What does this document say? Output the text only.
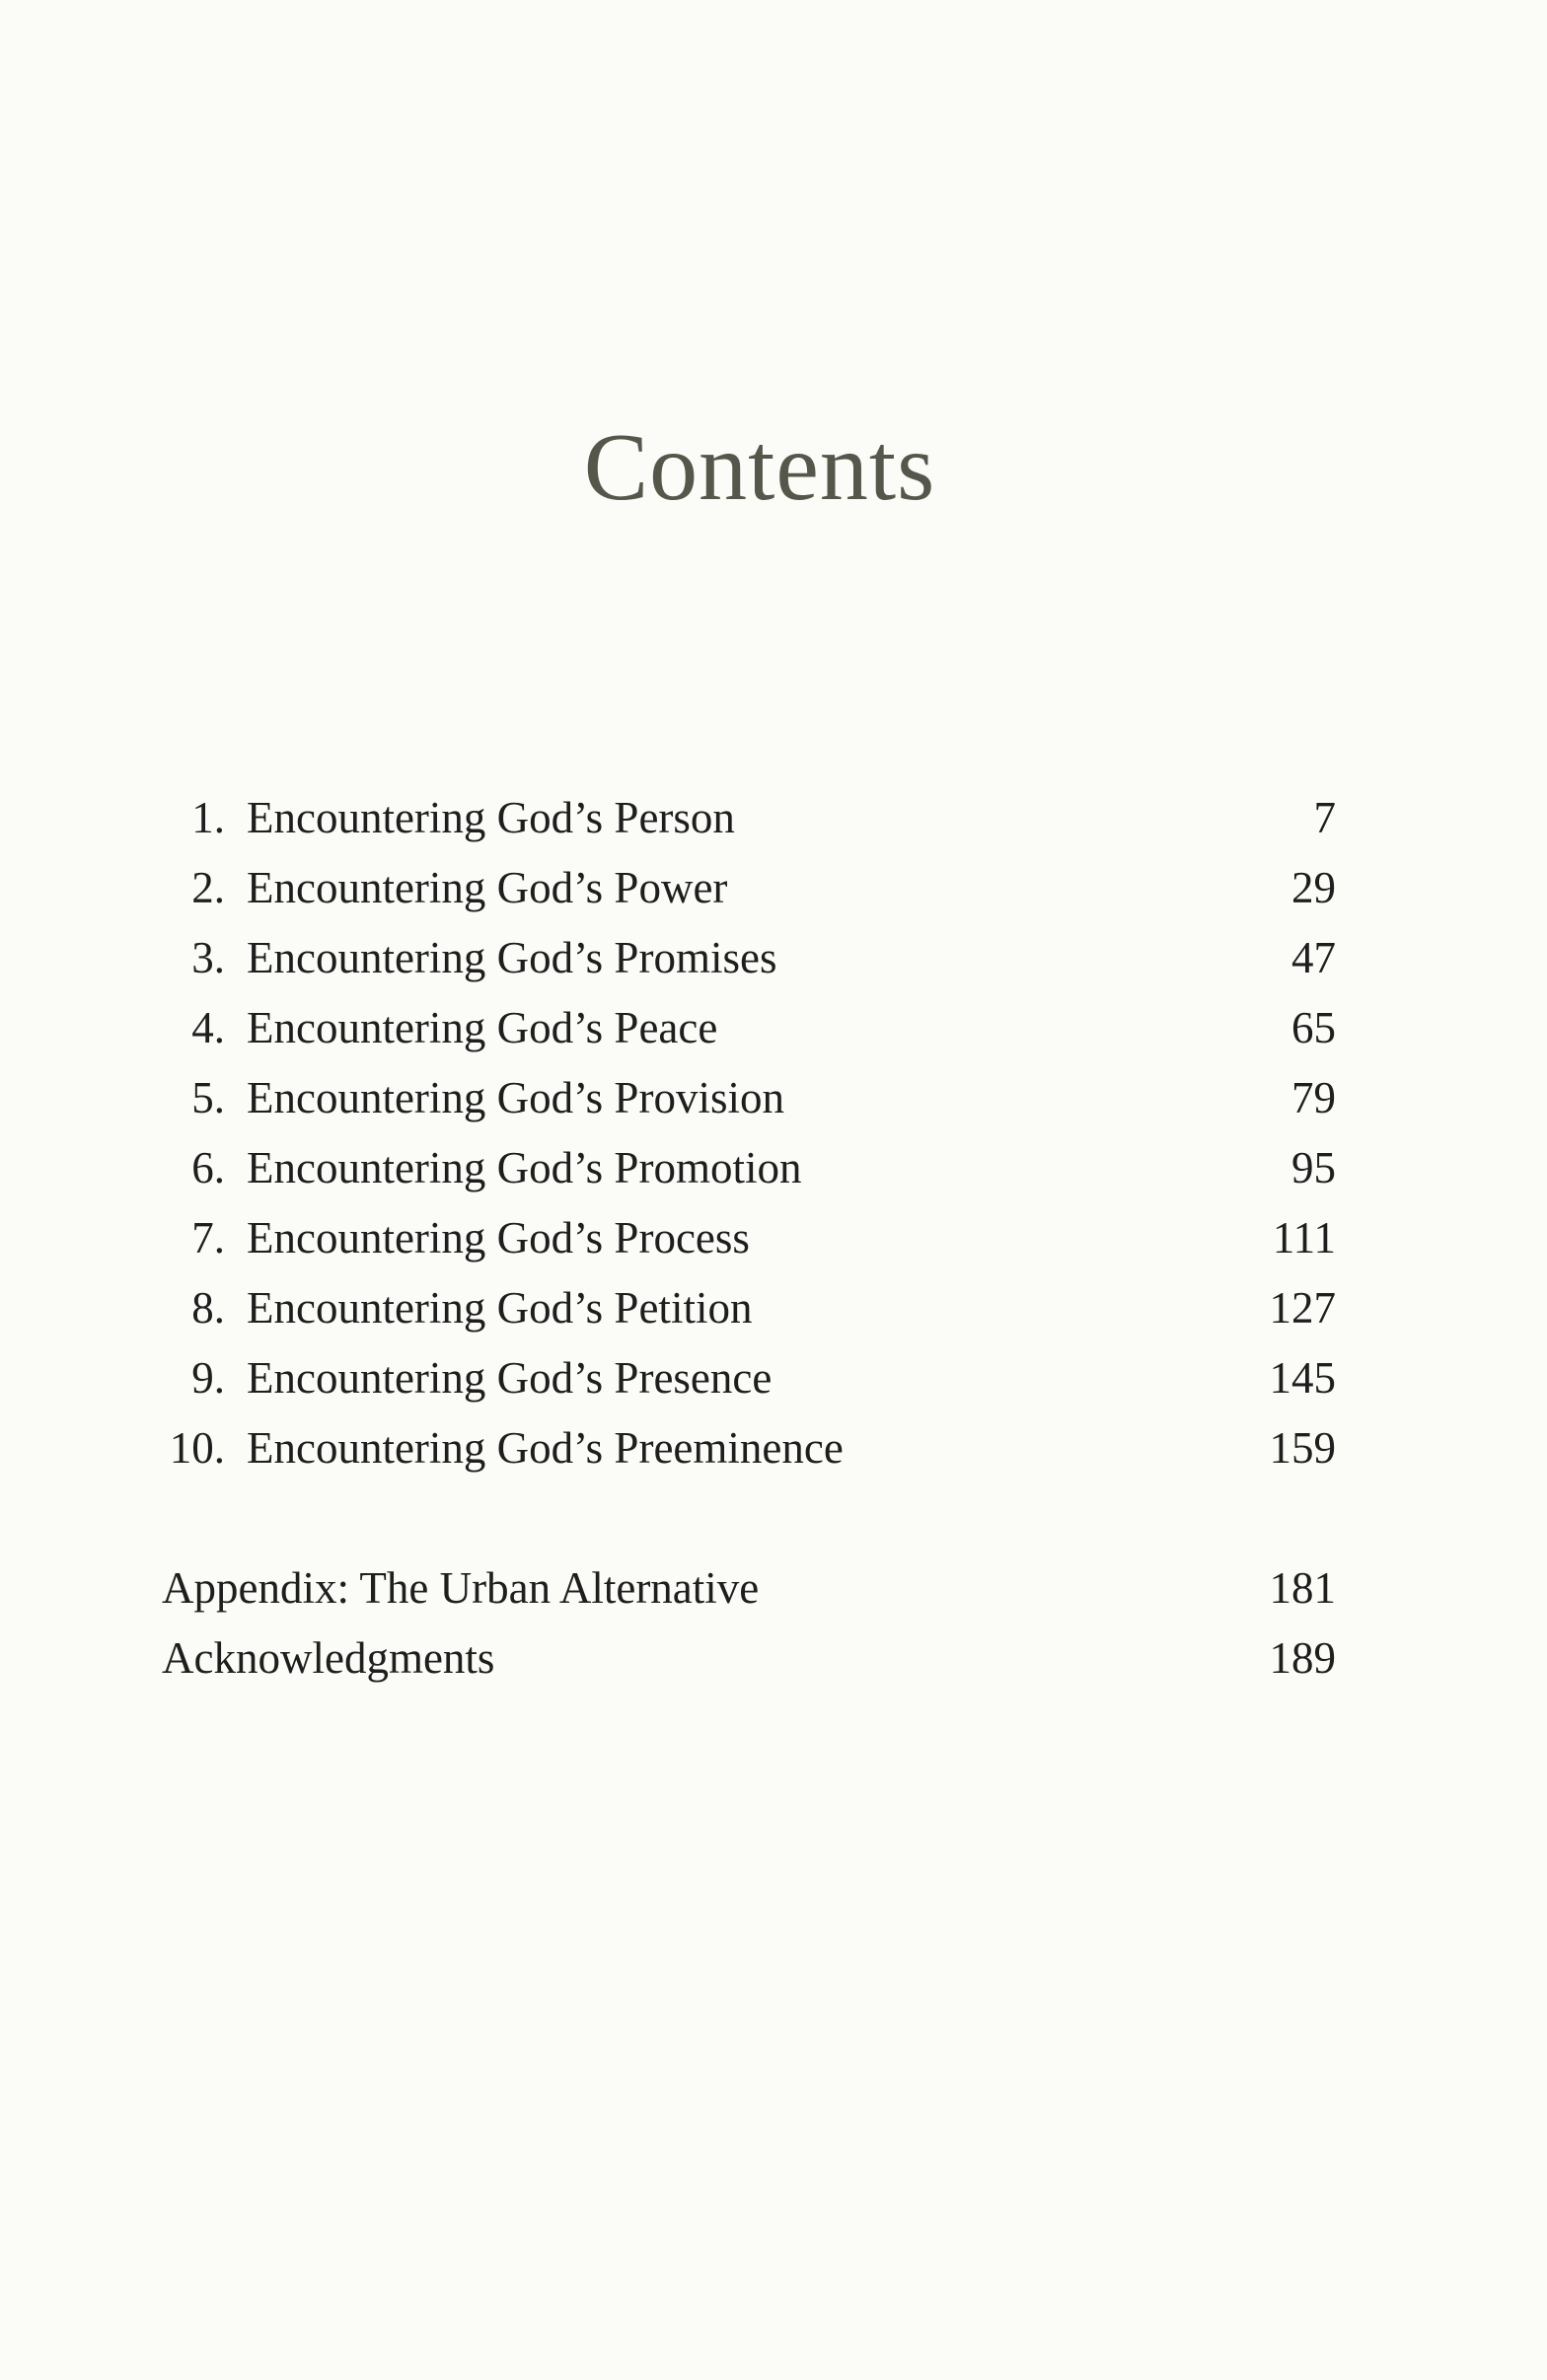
Contents
1. Encountering God’s Person	7
2. Encountering God’s Power	29
3. Encountering God’s Promises	47
4. Encountering God’s Peace	65
5. Encountering God’s Provision	79
6. Encountering God’s Promotion	95
7. Encountering God’s Process	111
8. Encountering God’s Petition	127
9. Encountering God’s Presence	145
10. Encountering God’s Preeminence	159
Appendix: The Urban Alternative	181
Acknowledgments	189
